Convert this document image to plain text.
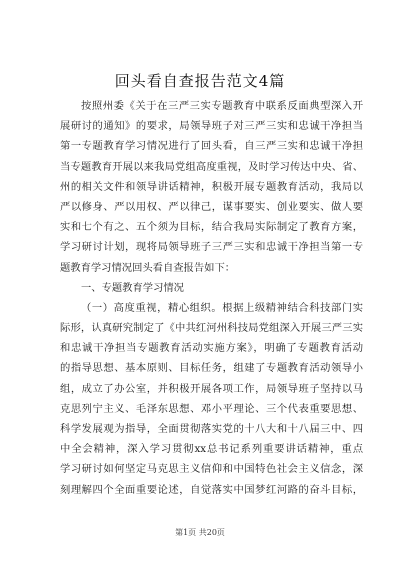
回头看自查报告范文4篇
按照州委《关于在三严三实专题教育中联系反面典型深入开
展研讨的通知》的要求，局领导班子对三严三实和忠诚干净担当
第一专题教育学习情况进行了回头看，自三严三实和忠诚干净担
当专题教育开展以来我局党组高度重视，及时学习传达中央、省、
州的相关文件和领导讲话精神，积极开展专题教育活动，我局以
严以修身、严以用权、严以律己，谋事要实、创业要实、做人要
实和七个有之、五个须为目标，结合我局实际制定了教育方案，
学习研讨计划，现将局领导班子三严三实和忠诚干净担当第一专
题教育学习情况回头看自查报告如下：
一、专题教育学习情况
（一）高度重视，精心组织。根据上级精神结合科技部门实
际形，认真研究制定了《中共红河州科技局党组深入开展三严三实
和忠诚干净担当专题教育活动实施方案》，明确了专题教育活动
的指导思想、基本原则、目标任务，组建了专题教育活动领导小
组，成立了办公室，并积极开展各项工作，局领导班子坚持以马
克思列宁主义、毛泽东思想、邓小平理论、三个代表重要思想、
科学发展观为指导，全面贯彻落实党的十八大和十八届三中、四
中全会精神，深入学习贯彻xx总书记系列重要讲话精神，重点
学习研讨如何坚定马克思主义信仰和中国特色社会主义信念，深
刻理解四个全面重要论述，自觉落实中国梦红河路的奋斗目标，
第1页 共20页
